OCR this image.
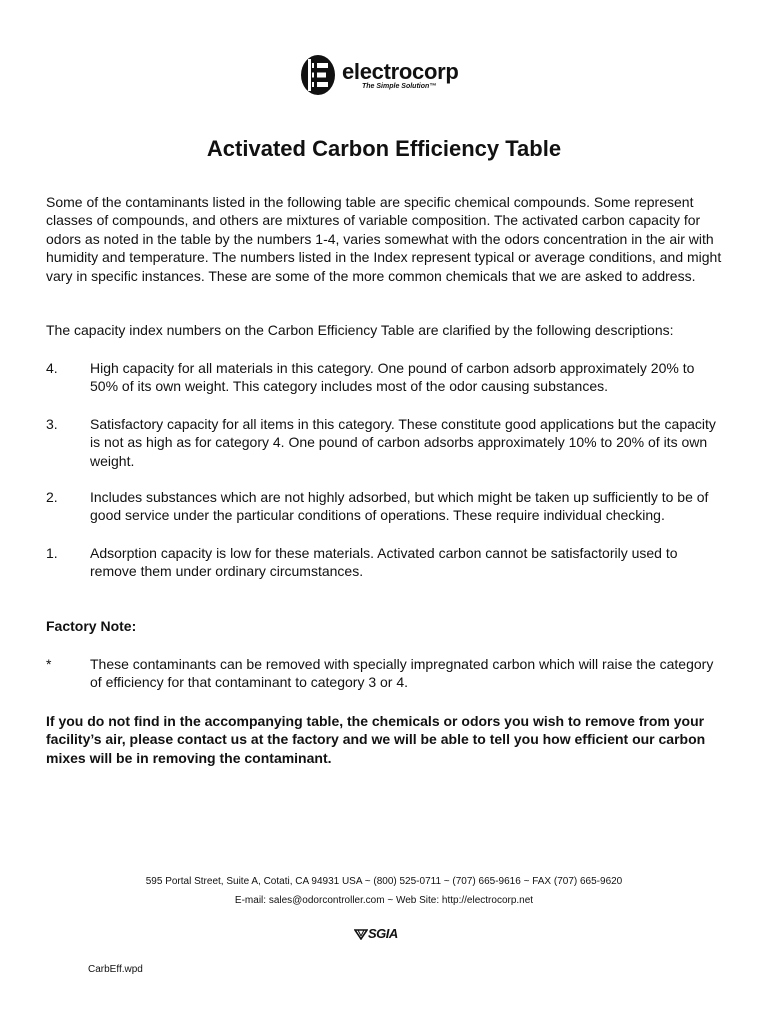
electrocorp
The Simple Solution™
Activated Carbon Efficiency Table
Some of the contaminants listed in the following table are specific chemical compounds. Some represent classes of compounds, and others are mixtures of variable composition. The activated carbon capacity for odors as noted in the table by the numbers 1-4, varies somewhat with the odors concentration in the air with humidity and temperature. The numbers listed in the Index represent typical or average conditions, and might vary in specific instances. These are some of the more common chemicals that we are asked to address.
The capacity index numbers on the Carbon Efficiency Table are clarified by the following descriptions:
4. High capacity for all materials in this category. One pound of carbon adsorb approximately 20% to 50% of its own weight. This category includes most of the odor causing substances.
3. Satisfactory capacity for all items in this category. These constitute good applications but the capacity is not as high as for category 4. One pound of carbon adsorbs approximately 10% to 20% of its own weight.
2. Includes substances which are not highly adsorbed, but which might be taken up sufficiently to be of good service under the particular conditions of operations. These require individual checking.
1. Adsorption capacity is low for these materials. Activated carbon cannot be satisfactorily used to remove them under ordinary circumstances.
Factory Note:
*	These contaminants can be removed with specially impregnated carbon which will raise the category of efficiency for that contaminant to category 3 or 4.
If you do not find in the accompanying table, the chemicals or odors you wish to remove from your facility’s air, please contact us at the factory and we will be able to tell you how efficient our carbon mixes will be in removing the contaminant.
595 Portal Street, Suite A, Cotati, CA 94931 USA ~ (800) 525-0711 ~ (707) 665-9616 ~ FAX (707) 665-9620
E-mail: sales@odorcontroller.com ~ Web Site: http://electrocorp.net
SGIA
CarbEff.wpd
